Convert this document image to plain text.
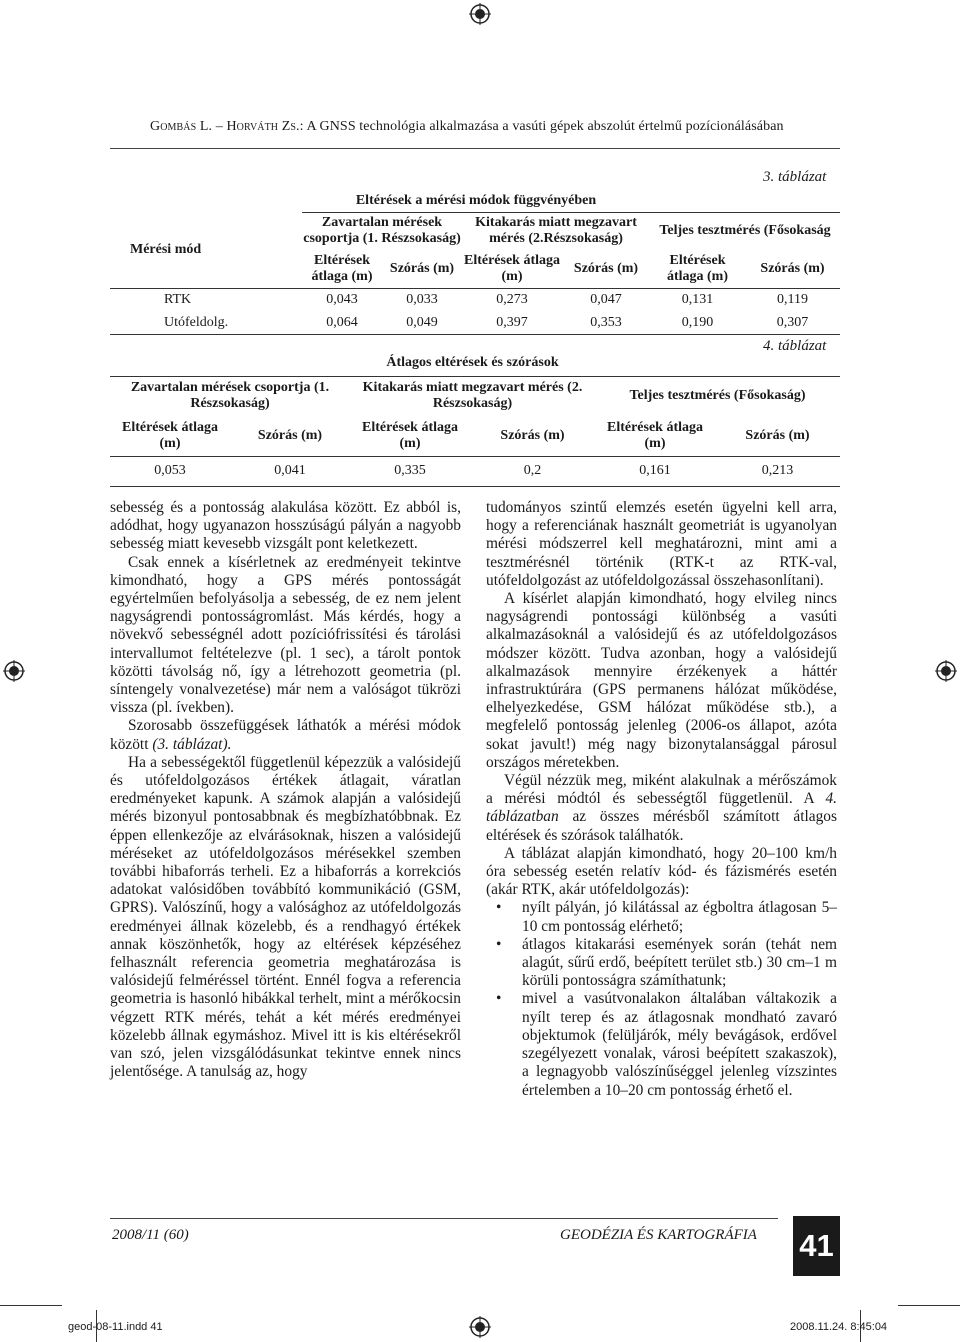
Gombás L. – Horváth Zs.: A GNSS technológia alkalmazása a vasúti gépek abszolút értelmű pozícionálásában
3. táblázat
	Eltérések a mérési módok függvényében					
Mérési mód	Zavartalan mérések csoportja (1. Részsokaság)		Kitakarás miatt megzavart mérés (2.Részsokaság)		Teljes tesztmérés (Fősokaság	
	Eltérések átlaga (m)	Szórás (m)	Eltérések átlaga (m)	Szórás (m)	Eltérések átlaga (m)	Szórás (m)
RTK	0,043	0,033	0,273	0,047	0,131	0,119
Utófeldolg.	0,064	0,049	0,397	0,353	0,190	0,307
4. táblázat
		Átlagos eltérések és szórások			
Zavartalan mérések csoportja (1. Részsokaság)		Kitakarás miatt megzavart mérés (2. Részsokaság)		Teljes tesztmérés (Fősokaság)	
Eltérések átlaga (m)	Szórás (m)	Eltérések átlaga (m)	Szórás (m)	Eltérések átlaga (m)	Szórás (m)
0,053	0,041	0,335	0,2	0,161	0,213

sebesség és a pontosság alakulása között. Ez abból is, adódhat, hogy ugyanazon hosszúságú pályán a nagyobb sebesség miatt kevesebb vizsgált pont keletkezett.

Csak ennek a kísérletnek az eredményeit tekintve kimondható, hogy a GPS mérés pontosságát egyértelműen befolyásolja a sebesség, de ez nem jelent nagyságrendi pontosságromlást. Más kérdés, hogy a növekvő sebességnél adott pozíciófrissítési és tárolási intervallumot feltételezve (pl. 1 sec), a tárolt pontok közötti távolság nő, így a létrehozott geometria (pl. síntengely vonalvezetése) már nem a valóságot tükrözi vissza (pl. ívekben).

Szorosabb összefüggések láthatók a mérési módok között (3. táblázat).

Ha a sebességektől függetlenül képezzük a valósidejű és utófeldolgozásos értékek átlagait, váratlan eredményeket kapunk. A számok alapján a valósidejű mérés bizonyul pontosabbnak és megbízhatóbbnak. Ez éppen ellenkezője az elvárásoknak, hiszen a valósidejű méréseket az utófeldolgozásos mérésekkel szemben további hibaforrás terheli. Ez a hibaforrás a korrekciós adatokat valósidőben továbbító kommunikáció (GSM, GPRS). Valószínű, hogy a valósághoz az utófeldolgozás eredményei állnak közelebb, és a rendhagyó értékek annak köszönhetők, hogy az eltérések képzéséhez felhasznált referencia geometria meghatározása is valósidejű felméréssel történt. Ennél fogva a referencia geometria is hasonló hibákkal terhelt, mint a mérőkocsin végzett RTK mérés, tehát a két mérés eredményei közelebb állnak egymáshoz. Mivel itt is kis eltérésekről van szó, jelen vizsgálódásunkat tekintve ennek nincs jelentősége. A tanulság az, hogy

tudományos szintű elemzés esetén ügyelni kell arra, hogy a referenciának használt geometriát is ugyanolyan mérési módszerrel kell meghatározni, mint ami a tesztmérésnél történik (RTK-t az RTK-val, utófeldolgozást az utófeldolgozással összehasonlítani).

A kísérlet alapján kimondható, hogy elvileg nincs nagyságrendi pontossági különbség a vasúti alkalmazásoknál a valósidejű és az utófeldolgozásos módszer között. Tudva azonban, hogy a valósidejű alkalmazások mennyire érzékenyek a háttér infrastruktúrára (GPS permanens hálózat működése, elhelyezkedése, GSM hálózat működése stb.), a megfelelő pontosság jelenleg (2006-os állapot, azóta sokat javult!) még nagy bizonytalansággal párosul országos méretekben.

Végül nézzük meg, miként alakulnak a mérőszámok a mérési módtól és sebességtől függetlenül. A 4. táblázatban az összes mérésből számított átlagos eltérések és szórások találhatók.

A táblázat alapján kimondható, hogy 20–100 km/h óra sebesség esetén relatív kód- és fázismérés esetén (akár RTK, akár utófeldolgozás):

• nyílt pályán, jó kilátással az égboltra átlagosan 5–10 cm pontosság elérhető;
• átlagos kitakarási események során (tehát nem alagút, sűrű erdő, beépített terület stb.) 30 cm–1 m körüli pontosságra számíthatunk;
• mivel a vasútvonalakon általában váltakozik a nyílt terep és az átlagosnak mondható zavaró objektumok (felüljárók, mély bevágások, erdővel szegélyezett vonalak, városi beépített szakaszok), a legnagyobb valószínűséggel jelenleg vízszintes értelemben a 10–20 cm pontosság érhető el.
2008/11 (60)	GEODÉZIA ÉS KARTOGRÁFIA 41
geod-08-11.indd 41	2008.11.24. 8:45:04
